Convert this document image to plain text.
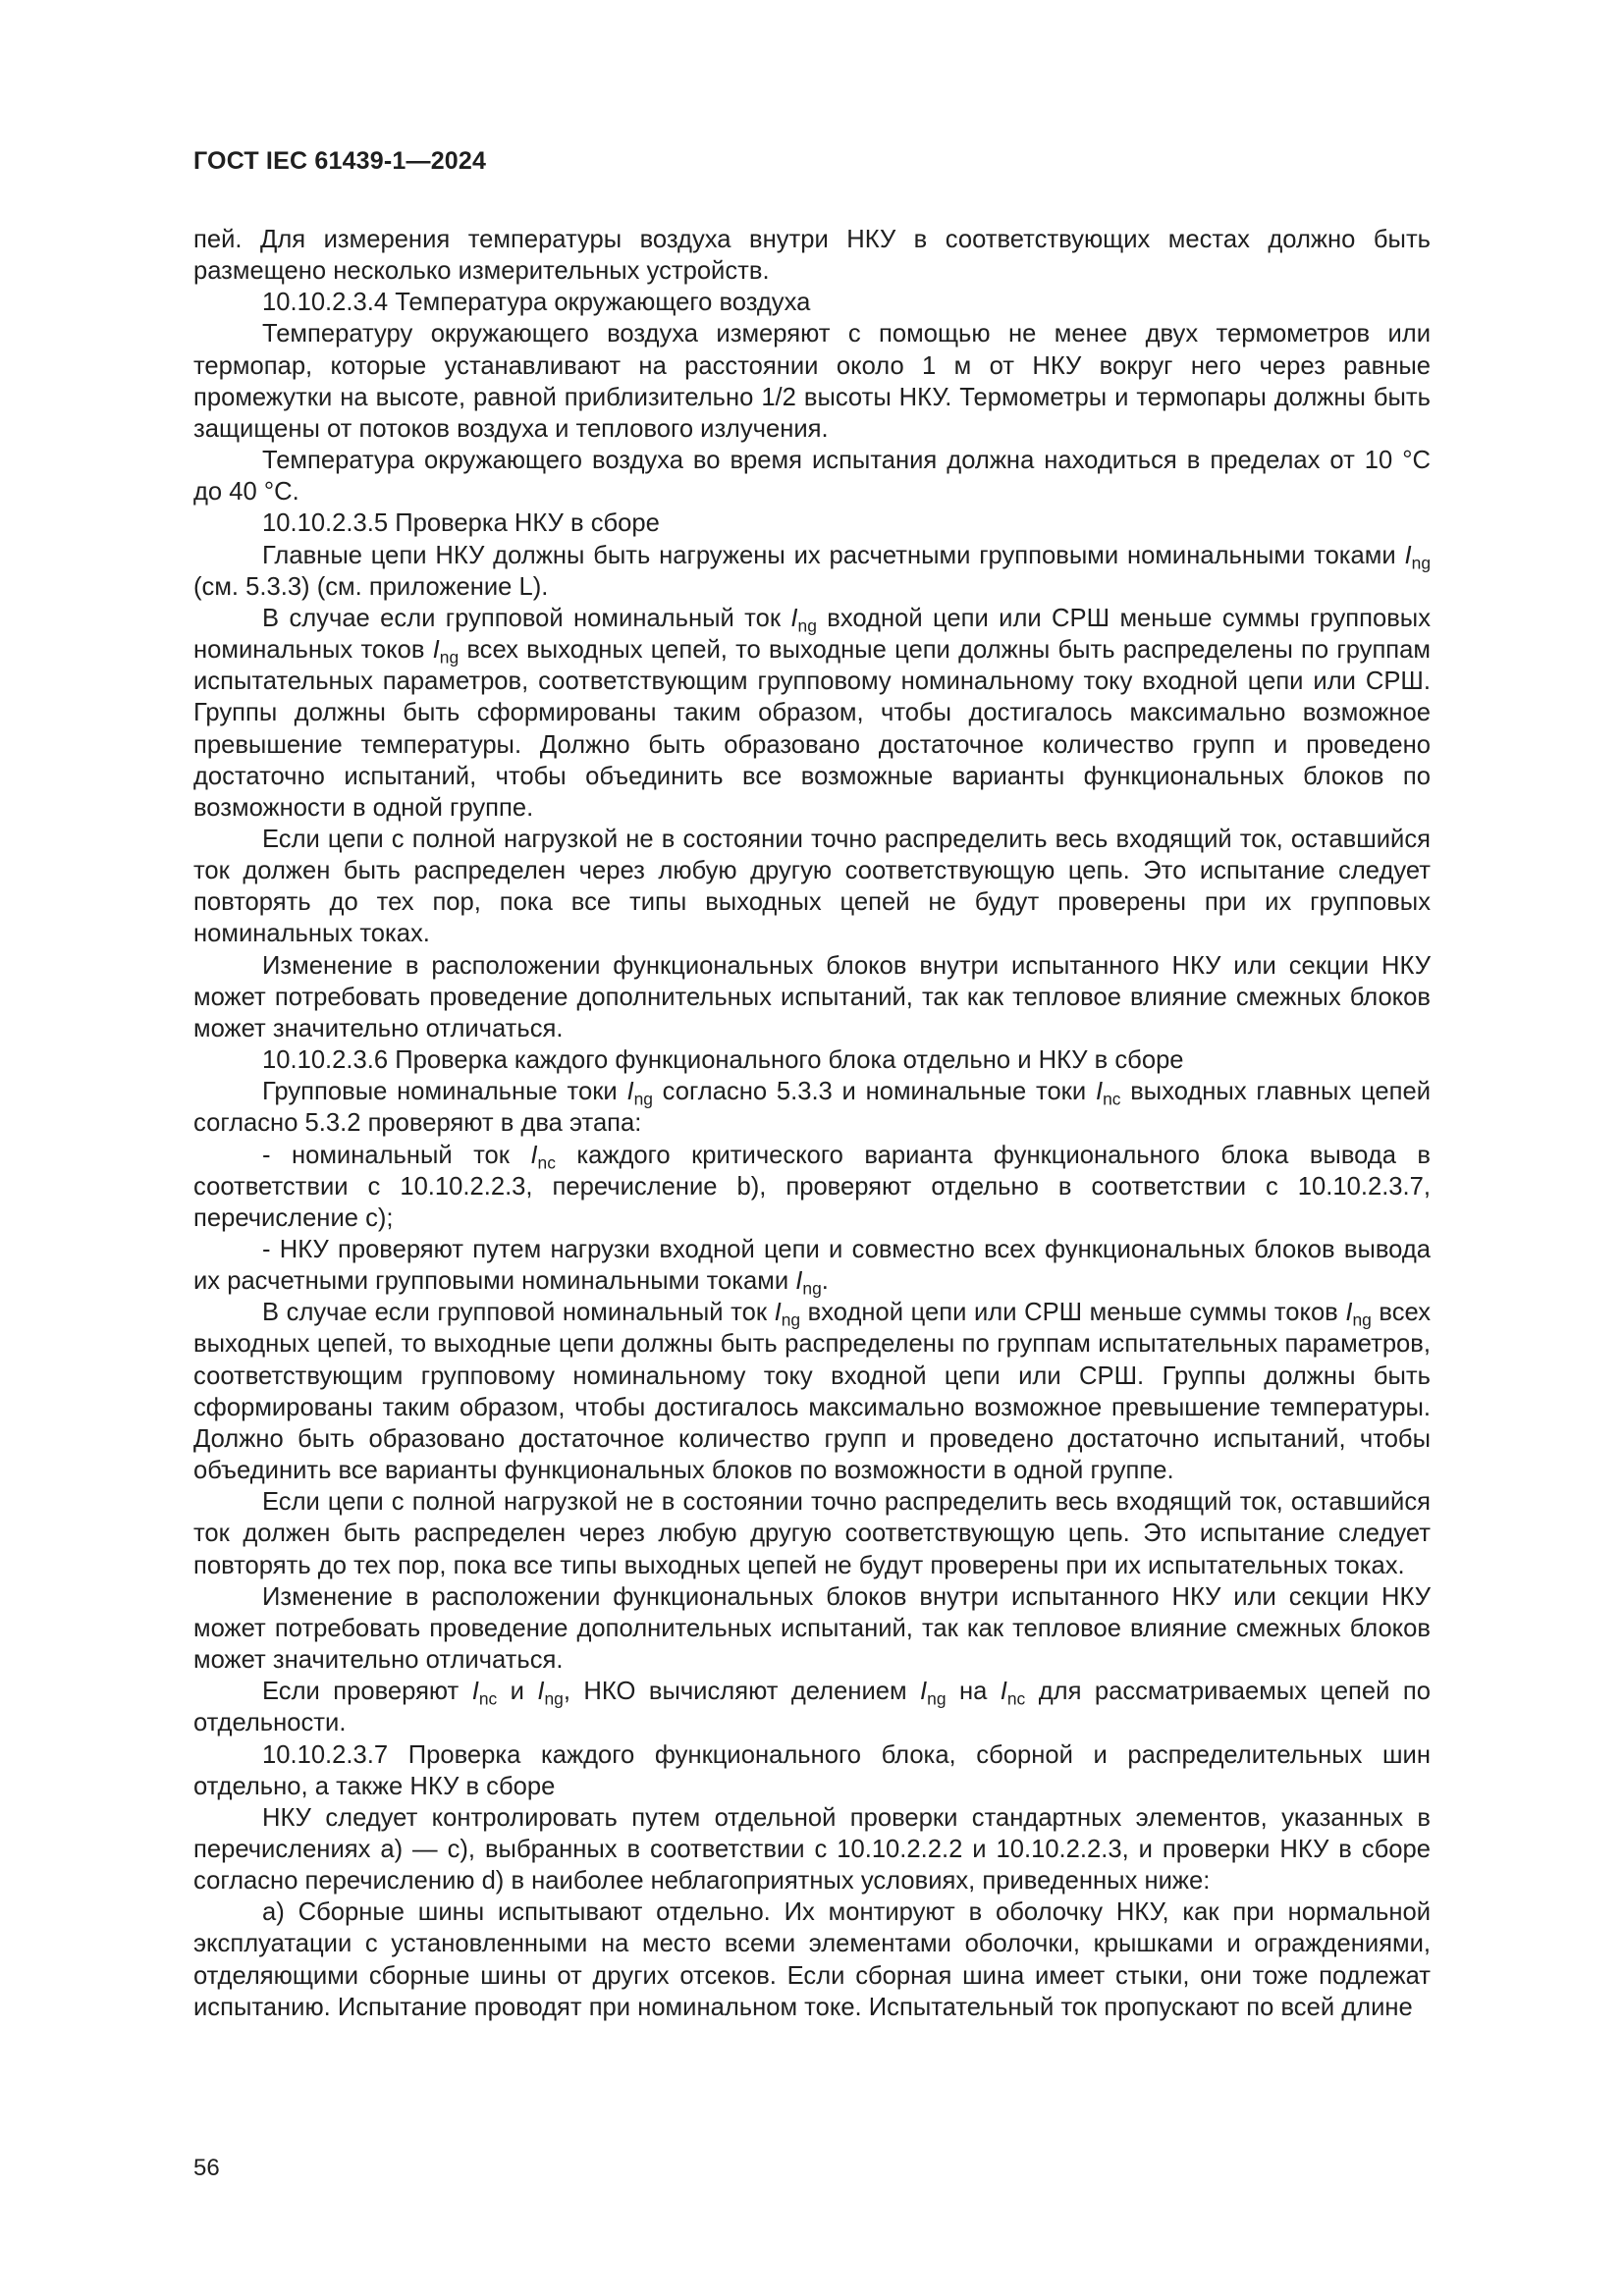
ГОСТ IEC 61439-1—2024

пей. Для измерения температуры воздуха внутри НКУ в соответствующих местах должно быть размещено несколько измерительных устройств.

10.10.2.3.4 Температура окружающего воздуха

Температуру окружающего воздуха измеряют с помощью не менее двух термометров или термопар, которые устанавливают на расстоянии около 1 м от НКУ вокруг него через равные промежутки на высоте, равной приблизительно 1/2 высоты НКУ. Термометры и термопары должны быть защищены от потоков воздуха и теплового излучения.

Температура окружающего воздуха во время испытания должна находиться в пределах от 10 °С до 40 °С.

10.10.2.3.5 Проверка НКУ в сборе

Главные цепи НКУ должны быть нагружены их расчетными групповыми номинальными токами $I_{ng}$ (см. 5.3.3) (см. приложение L).

В случае если групповой номинальный ток $I_{ng}$ входной цепи или СРШ меньше суммы групповых номинальных токов $I_{ng}$ всех выходных цепей, то выходные цепи должны быть распределены по группам испытательных параметров, соответствующим групповому номинальному току входной цепи или СРШ. Группы должны быть сформированы таким образом, чтобы достигалось максимально возможное превышение температуры. Должно быть образовано достаточное количество групп и проведено достаточно испытаний, чтобы объединить все возможные варианты функциональных блоков по возможности в одной группе.

Если цепи с полной нагрузкой не в состоянии точно распределить весь входящий ток, оставшийся ток должен быть распределен через любую другую соответствующую цепь. Это испытание следует повторять до тех пор, пока все типы выходных цепей не будут проверены при их групповых номинальных токах.

Изменение в расположении функциональных блоков внутри испытанного НКУ или секции НКУ может потребовать проведение дополнительных испытаний, так как тепловое влияние смежных блоков может значительно отличаться.

10.10.2.3.6 Проверка каждого функционального блока отдельно и НКУ в сборе

Групповые номинальные токи $I_{ng}$ согласно 5.3.3 и номинальные токи $I_{nc}$ выходных главных цепей согласно 5.3.2 проверяют в два этапа:

- номинальный ток $I_{nc}$ каждого критического варианта функционального блока вывода в соответствии с 10.10.2.2.3, перечисление b), проверяют отдельно в соответствии с 10.10.2.3.7, перечисление c);

- НКУ проверяют путем нагрузки входной цепи и совместно всех функциональных блоков вывода их расчетными групповыми номинальными токами $I_{ng}$.

В случае если групповой номинальный ток $I_{ng}$ входной цепи или СРШ меньше суммы токов $I_{ng}$ всех выходных цепей, то выходные цепи должны быть распределены по группам испытательных параметров, соответствующим групповому номинальному току входной цепи или СРШ. Группы должны быть сформированы таким образом, чтобы достигалось максимально возможное превышение температуры. Должно быть образовано достаточное количество групп и проведено достаточно испытаний, чтобы объединить все варианты функциональных блоков по возможности в одной группе.

Если цепи с полной нагрузкой не в состоянии точно распределить весь входящий ток, оставшийся ток должен быть распределен через любую другую соответствующую цепь. Это испытание следует повторять до тех пор, пока все типы выходных цепей не будут проверены при их испытательных токах.

Изменение в расположении функциональных блоков внутри испытанного НКУ или секции НКУ может потребовать проведение дополнительных испытаний, так как тепловое влияние смежных блоков может значительно отличаться.

Если проверяют $I_{nc}$ и $I_{ng}$, НКО вычисляют делением $I_{ng}$ на $I_{nc}$ для рассматриваемых цепей по отдельности.

10.10.2.3.7 Проверка каждого функционального блока, сборной и распределительных шин отдельно, а также НКУ в сборе

НКУ следует контролировать путем отдельной проверки стандартных элементов, указанных в перечислениях a) — c), выбранных в соответствии с 10.10.2.2.2 и 10.10.2.2.3, и проверки НКУ в сборе согласно перечислению d) в наиболее неблагоприятных условиях, приведенных ниже:

a) Сборные шины испытывают отдельно. Их монтируют в оболочку НКУ, как при нормальной эксплуатации с установленными на место всеми элементами оболочки, крышками и ограждениями, отделяющими сборные шины от других отсеков. Если сборная шина имеет стыки, они тоже подлежат испытанию. Испытание проводят при номинальном токе. Испытательный ток пропускают по всей длине

56
